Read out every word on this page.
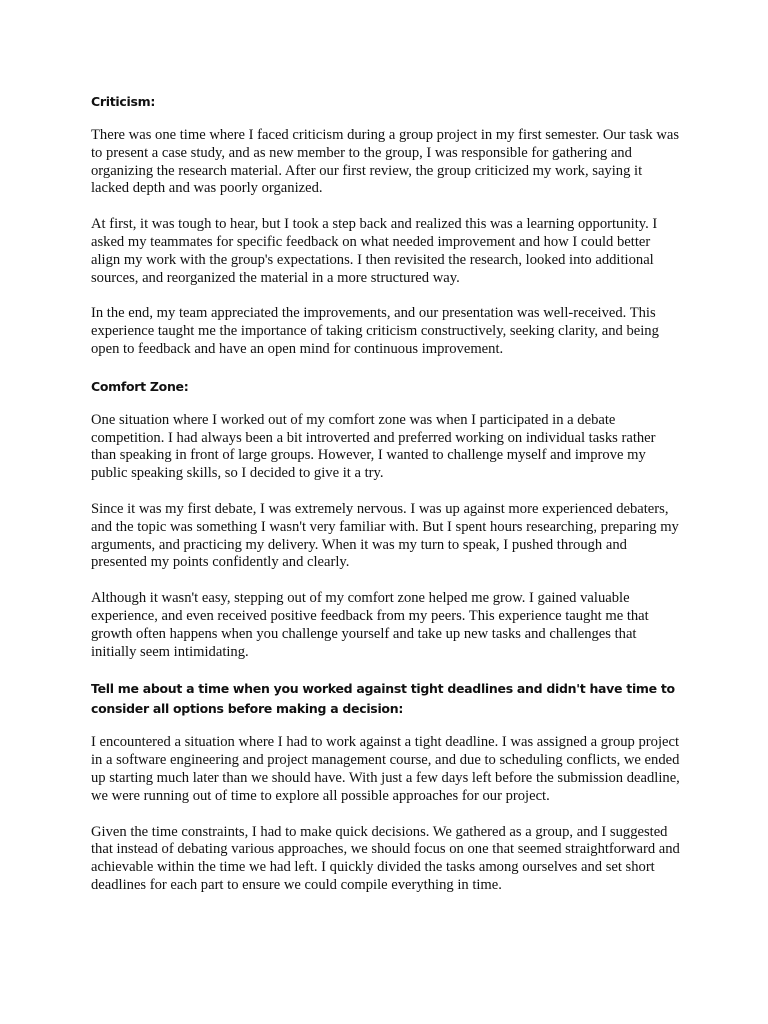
Criticism:

There was one time where I faced criticism during a group project in my first semester. Our task was to present a case study, and as new member to the group, I was responsible for gathering and organizing the research material. After our first review, the group criticized my work, saying it lacked depth and was poorly organized.

At first, it was tough to hear, but I took a step back and realized this was a learning opportunity. I asked my teammates for specific feedback on what needed improvement and how I could better align my work with the group's expectations. I then revisited the research, looked into additional sources, and reorganized the material in a more structured way.

In the end, my team appreciated the improvements, and our presentation was well-received. This experience taught me the importance of taking criticism constructively, seeking clarity, and being open to feedback and have an open mind for continuous improvement.

Comfort Zone:

One situation where I worked out of my comfort zone was when I participated in a debate competition. I had always been a bit introverted and preferred working on individual tasks rather than speaking in front of large groups. However, I wanted to challenge myself and improve my public speaking skills, so I decided to give it a try.

Since it was my first debate, I was extremely nervous. I was up against more experienced debaters, and the topic was something I wasn't very familiar with. But I spent hours researching, preparing my arguments, and practicing my delivery. When it was my turn to speak, I pushed through and presented my points confidently and clearly.

Although it wasn't easy, stepping out of my comfort zone helped me grow. I gained valuable experience, and even received positive feedback from my peers. This experience taught me that growth often happens when you challenge yourself and take up new tasks and challenges that initially seem intimidating.

Tell me about a time when you worked against tight deadlines and didn't have time to consider all options before making a decision:

I encountered a situation where I had to work against a tight deadline. I was assigned a group project in a software engineering and project management course, and due to scheduling conflicts, we ended up starting much later than we should have. With just a few days left before the submission deadline, we were running out of time to explore all possible approaches for our project.

Given the time constraints, I had to make quick decisions. We gathered as a group, and I suggested that instead of debating various approaches, we should focus on one that seemed straightforward and achievable within the time we had left. I quickly divided the tasks among ourselves and set short deadlines for each part to ensure we could compile everything in time.
